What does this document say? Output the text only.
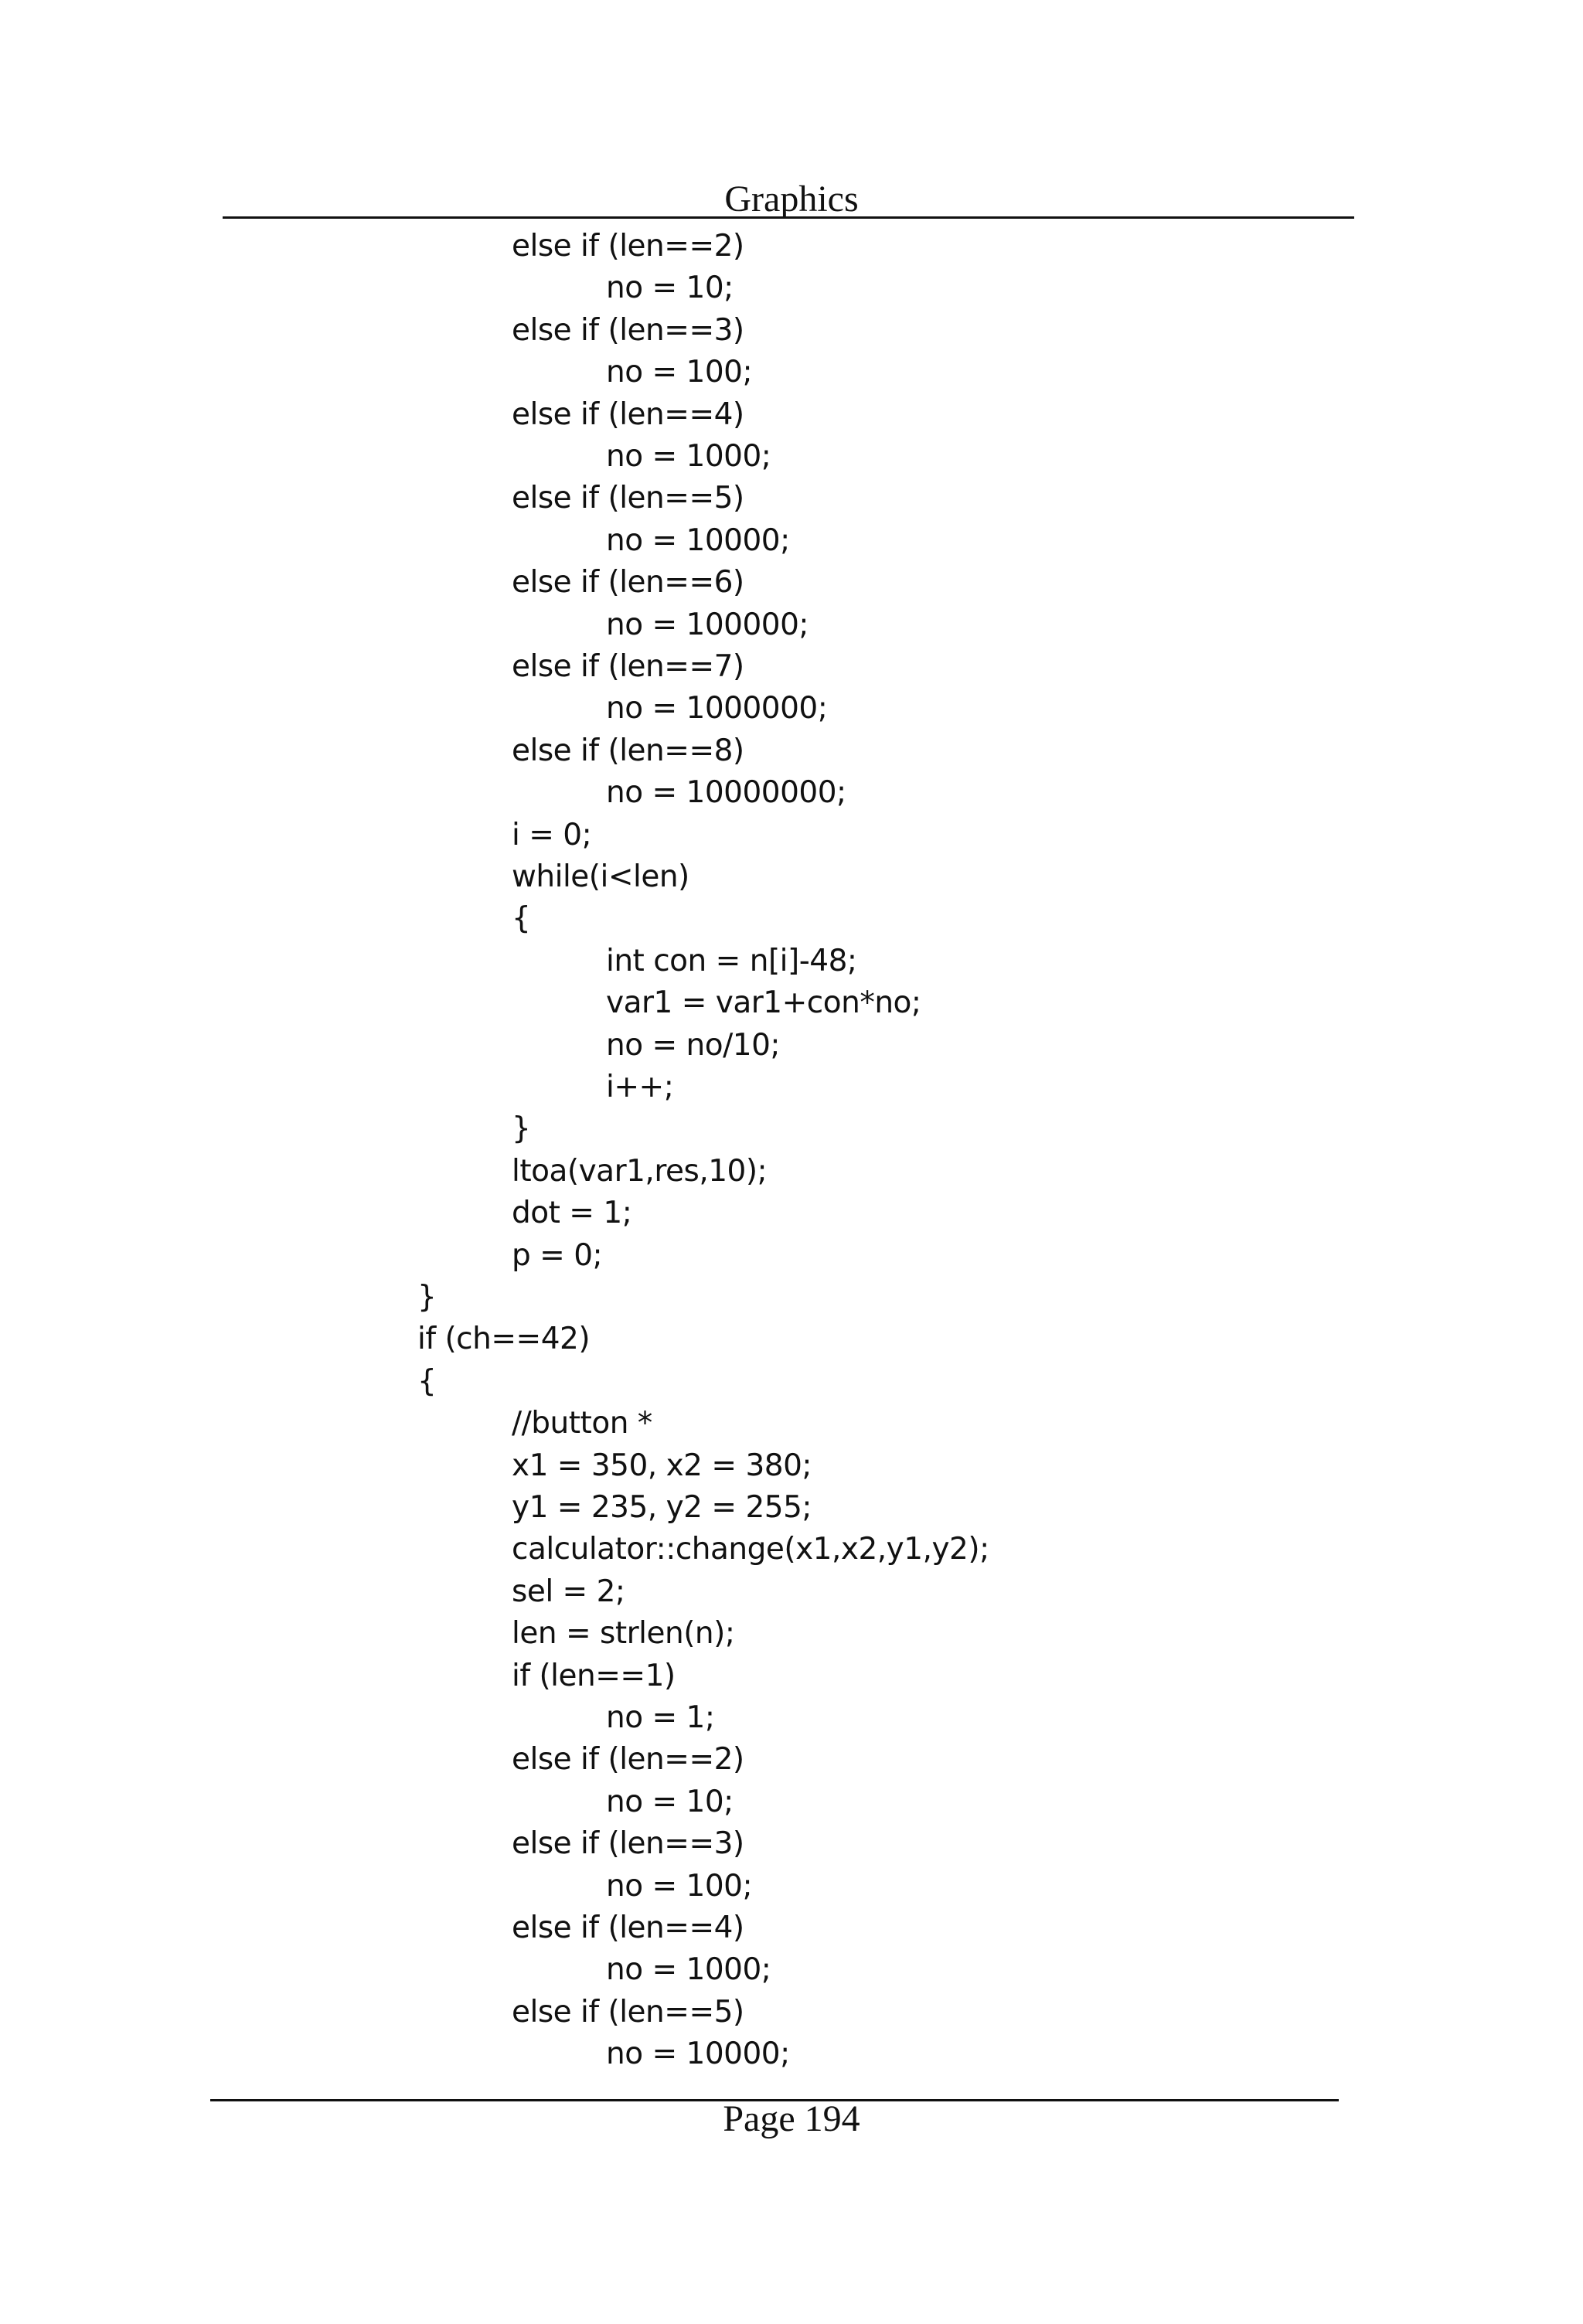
Graphics
else if (len==2)
no = 10;
else if (len==3)
no = 100;
else if (len==4)
no = 1000;
else if (len==5)
no = 10000;
else if (len==6)
no = 100000;
else if (len==7)
no = 1000000;
else if (len==8)
no = 10000000;
i = 0;
while(i<len)
{
int con = n[i]-48;
var1 = var1+con*no;
no = no/10;
i++;
}
ltoa(var1,res,10);
dot = 1;
p = 0;
}
if (ch==42)
{
//button *
x1 = 350, x2 = 380;
y1 = 235, y2 = 255;
calculator::change(x1,x2,y1,y2);
sel = 2;
len = strlen(n);
if (len==1)
no = 1;
else if (len==2)
no = 10;
else if (len==3)
no = 100;
else if (len==4)
no = 1000;
else if (len==5)
no = 10000;
Page 194
